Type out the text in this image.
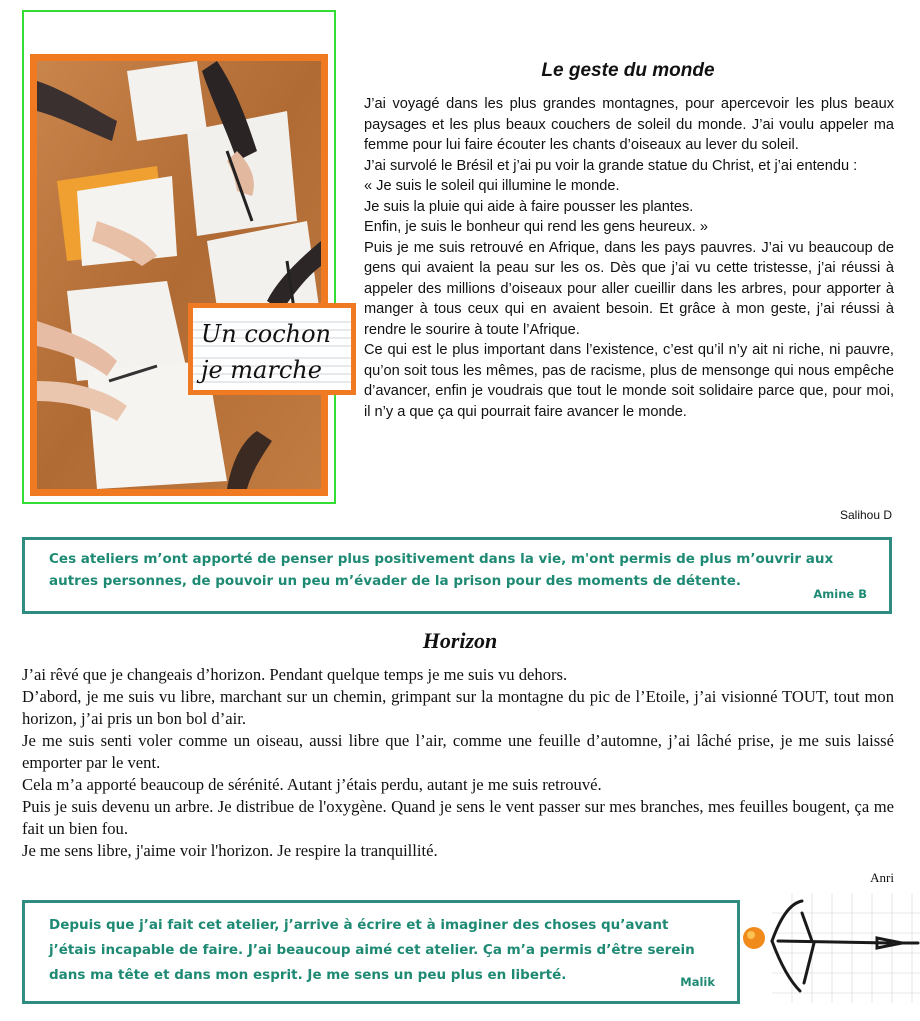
Un cochon
je marche
Le geste du monde

J’ai voyagé dans les plus grandes montagnes, pour apercevoir les plus beaux paysages et les plus beaux couchers de soleil du monde. J’ai voulu appeler ma femme pour lui faire écouter les chants d’oiseaux au lever du soleil.

J’ai survolé le Brésil et j’ai pu voir la grande statue du Christ, et j’ai entendu :

« Je suis le soleil qui illumine le monde.

Je suis la pluie qui aide à faire pousser les plantes.

Enfin, je suis le bonheur qui rend les gens heureux. »

Puis je me suis retrouvé en Afrique, dans les pays pauvres. J’ai vu beaucoup de gens qui avaient la peau sur les os. Dès que j’ai vu cette tristesse, j’ai réussi à appeler des millions d’oiseaux pour aller cueillir dans les arbres, pour apporter à manger à tous ceux qui en avaient besoin. Et grâce à mon geste, j’ai réussi à rendre le sourire à toute l’Afrique.

Ce qui est le plus important dans l’existence, c’est qu’il n’y ait ni riche, ni pauvre, qu’on soit tous les mêmes, pas de racisme, plus de mensonge qui nous empêche d’avancer, enfin je voudrais que tout le monde soit solidaire parce que, pour moi, il n’y a que ça qui pourrait faire avancer le monde.

Salihou D
Ces ateliers m’ont apporté de penser plus positivement dans la vie, m'ont permis de plus m’ouvrir aux autres personnes, de pouvoir un peu m’évader de la prison pour des moments de détente.
Amine B
Horizon

J’ai rêvé que je changeais d’horizon. Pendant quelque temps je me suis vu dehors.

D’abord, je me suis vu libre, marchant sur un chemin, grimpant sur la montagne du pic de l’Etoile, j’ai visionné TOUT, tout mon horizon, j’ai pris un bon bol d’air.

Je me suis senti voler comme un oiseau, aussi libre que l’air, comme une feuille d’automne, j’ai lâché prise, je me suis laissé emporter par le vent.

Cela m’a apporté beaucoup de sérénité. Autant j’étais perdu, autant je me suis retrouvé.

Puis je suis devenu un arbre. Je distribue de l'oxygène. Quand je sens le vent passer sur mes branches, mes feuilles bougent, ça me fait un bien fou.

Je me sens libre, j'aime voir l'horizon. Je respire la tranquillité.

Anri
Depuis que j’ai fait cet atelier, j’arrive à écrire et à imaginer des choses qu’avant j’étais incapable de faire. J’ai beaucoup aimé cet atelier. Ça m’a permis d’être serein dans ma tête et dans mon esprit. Je me sens un peu plus en liberté.	Malik
